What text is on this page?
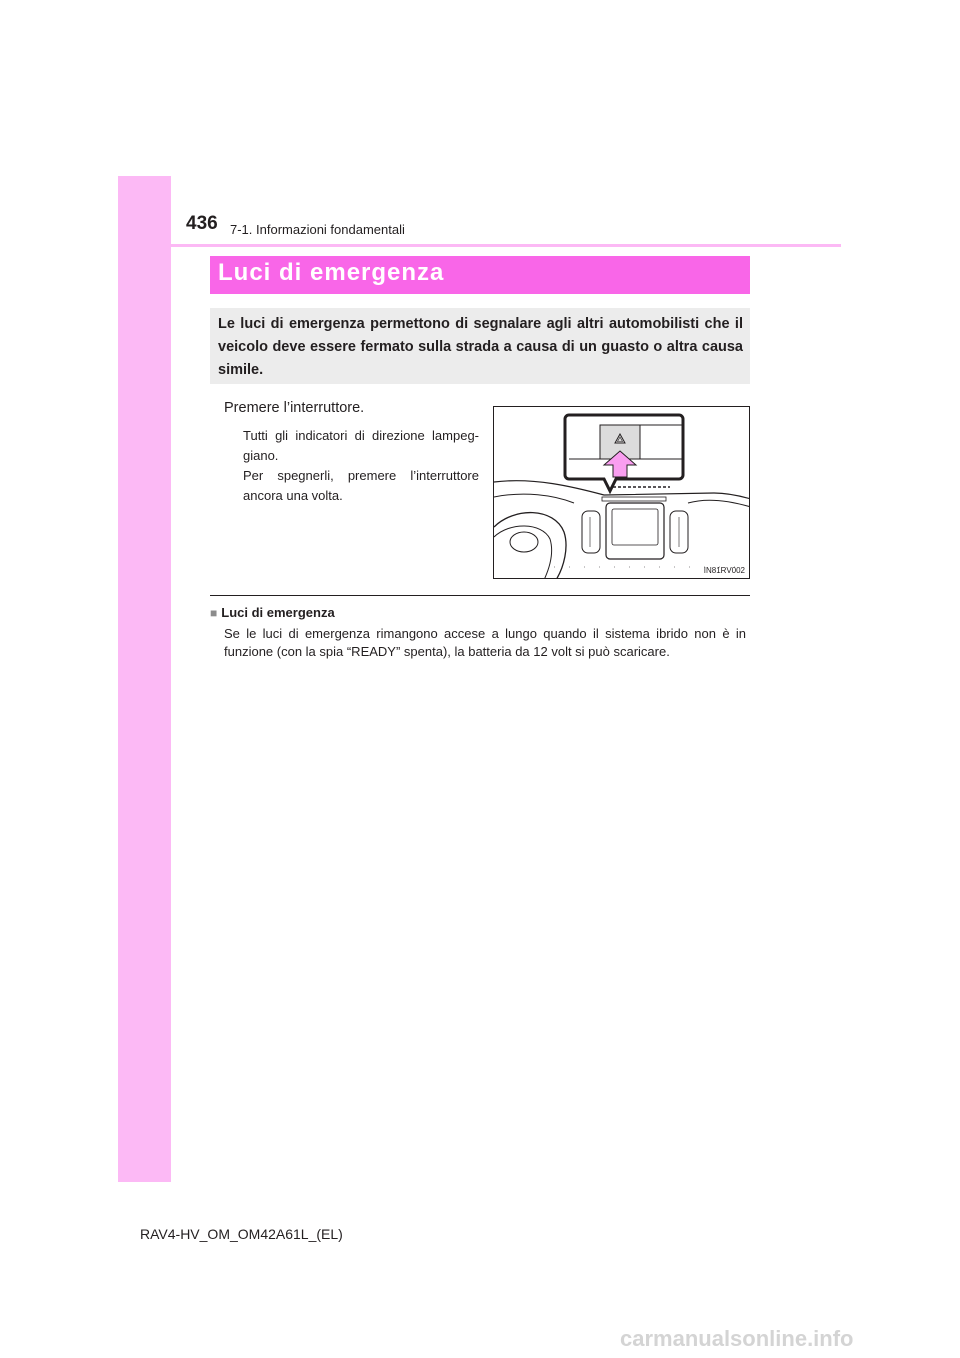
436 7-1. Informazioni fondamentali
Luci di emergenza

Le luci di emergenza permettono di segnalare agli altri automobilisti che il veicolo deve essere fermato sulla strada a causa di un guasto o altra causa simile.

Premere l’interruttore.

Tutti gli indicatori di direzione lampeg-giano.

Per spegnerli, premere l’interruttore ancora una volta.

IN81RV002
■ Luci di emergenza

Se le luci di emergenza rimangono accese a lungo quando il sistema ibrido non è in funzione (con la spia “READY” spenta), la batteria da 12 volt si può scaricare.

RAV4-HV_OM_OM42A61L_(EL)
carmanualsonline.info
